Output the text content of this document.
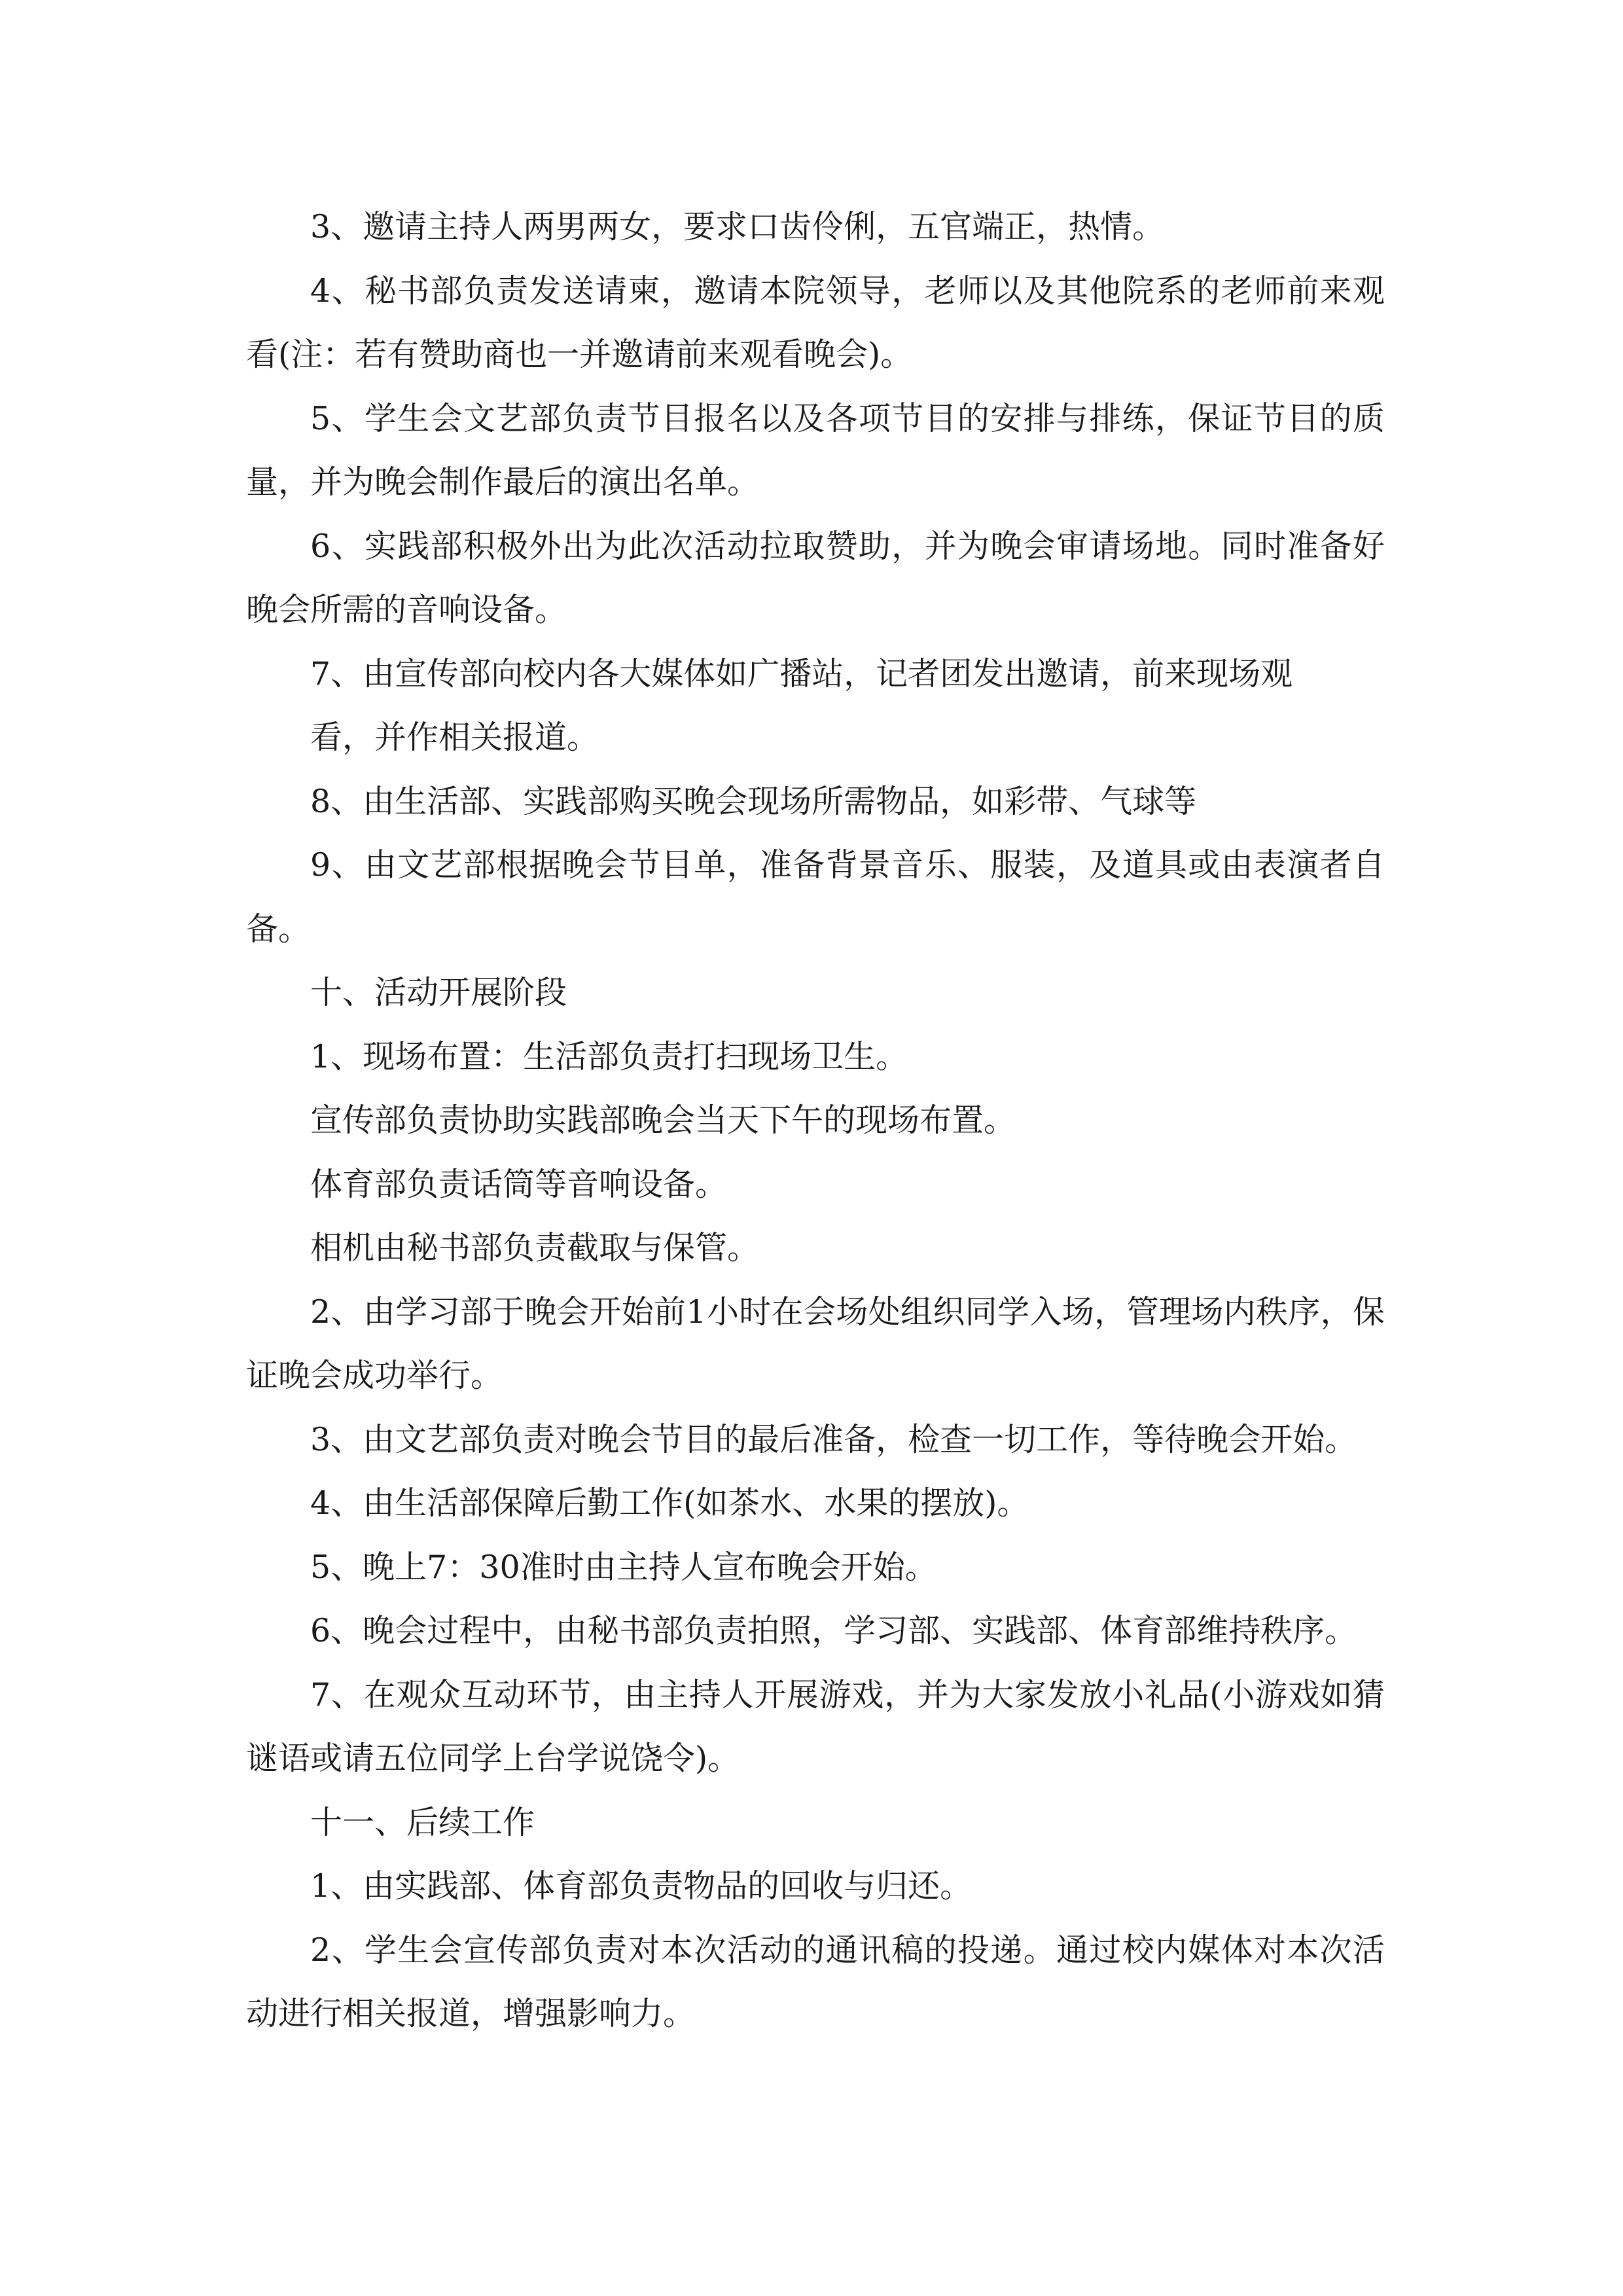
3、邀请主持人两男两女，要求口齿伶俐，五官端正，热情。

4、秘书部负责发送请柬，邀请本院领导，老师以及其他院系的老师前来观看(注：若有赞助商也一并邀请前来观看晚会)。

5、学生会文艺部负责节目报名以及各项节目的安排与排练，保证节目的质量，并为晚会制作最后的演出名单。

6、实践部积极外出为此次活动拉取赞助，并为晚会审请场地。同时准备好晚会所需的音响设备。

7、由宣传部向校内各大媒体如广播站，记者团发出邀请，前来现场观

看，并作相关报道。

8、由生活部、实践部购买晚会现场所需物品，如彩带、气球等

9、由文艺部根据晚会节目单，准备背景音乐、服装，及道具或由表演者自备。

十、活动开展阶段

1、现场布置：生活部负责打扫现场卫生。

宣传部负责协助实践部晚会当天下午的现场布置。

体育部负责话筒等音响设备。

相机由秘书部负责截取与保管。

2、由学习部于晚会开始前1小时在会场处组织同学入场，管理场内秩序，保证晚会成功举行。

3、由文艺部负责对晚会节目的最后准备，检查一切工作，等待晚会开始。

4、由生活部保障后勤工作(如茶水、水果的摆放)。

5、晚上7：30准时由主持人宣布晚会开始。

6、晚会过程中，由秘书部负责拍照，学习部、实践部、体育部维持秩序。

7、在观众互动环节，由主持人开展游戏，并为大家发放小礼品(小游戏如猜谜语或请五位同学上台学说饶令)。

十一、后续工作

1、由实践部、体育部负责物品的回收与归还。

2、学生会宣传部负责对本次活动的通讯稿的投递。通过校内媒体对本次活动进行相关报道，增强影响力。
